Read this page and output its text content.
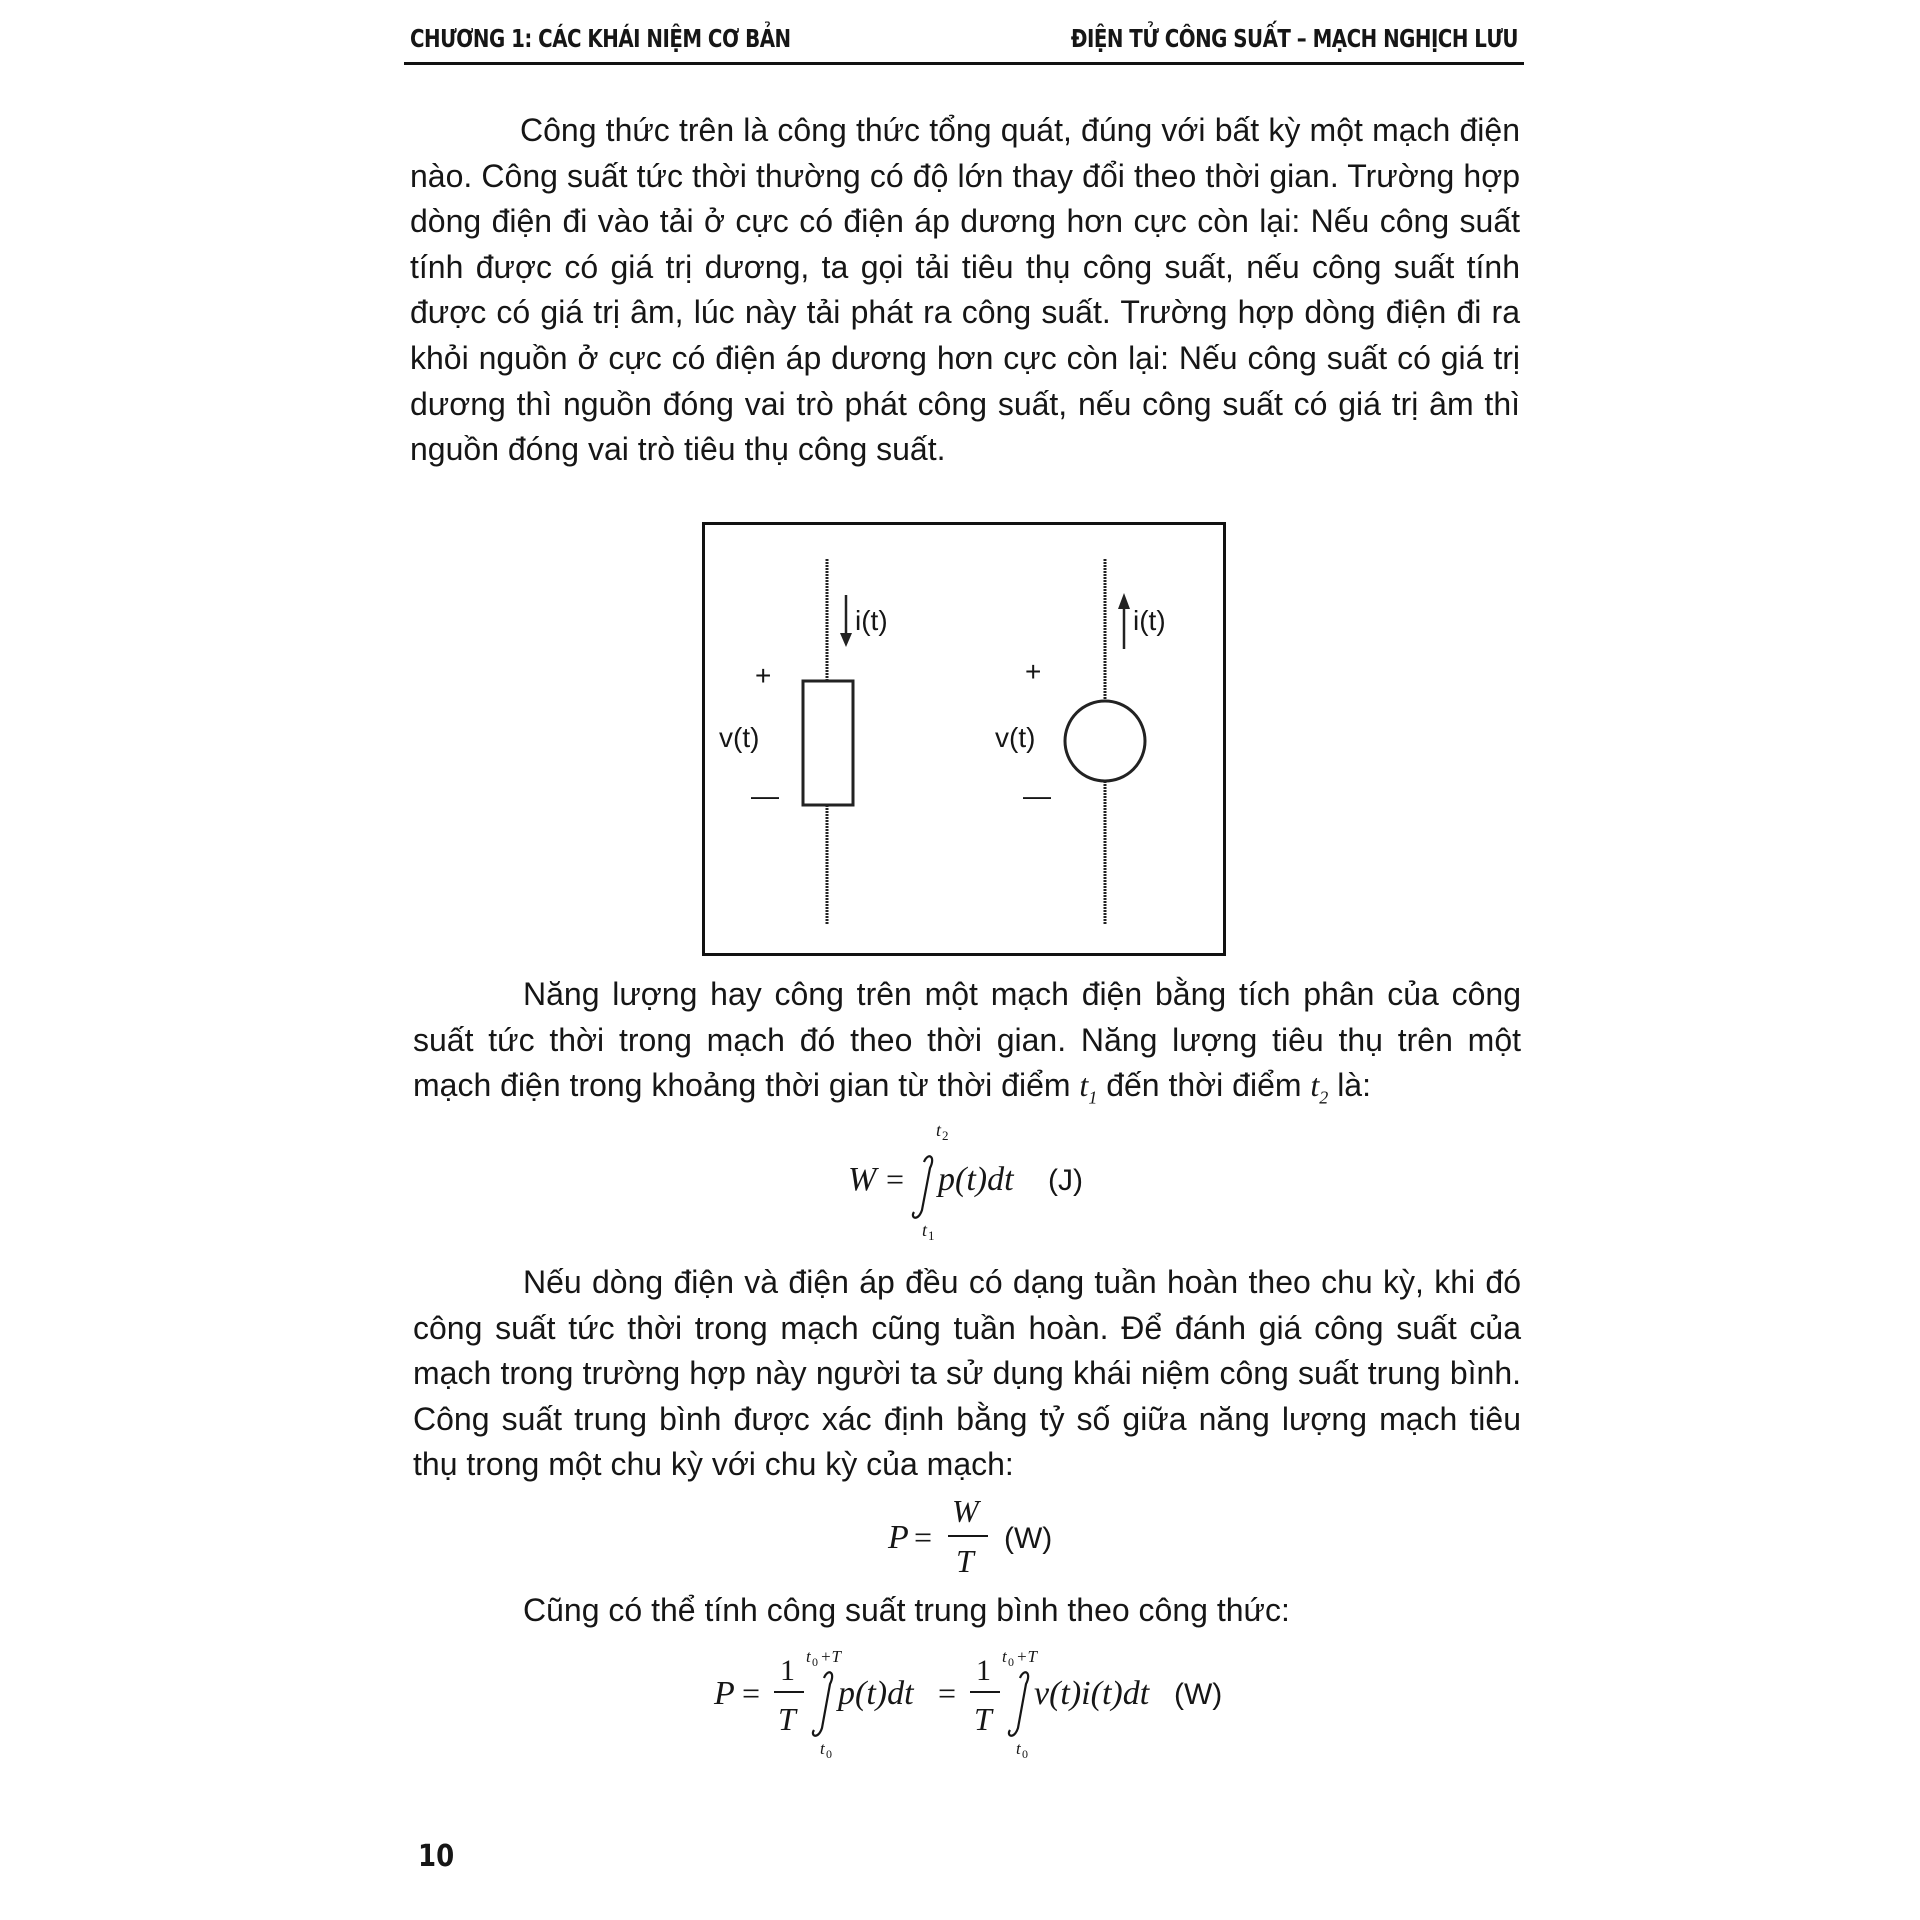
CHƯƠNG 1: CÁC KHÁI NIỆM CƠ BẢN	ĐIỆN TỬ CÔNG SUẤT – MẠCH NGHỊCH LƯU
Công thức trên là công thức tổng quát, đúng với bất kỳ một mạch điện nào. Công suất tức thời thường có độ lớn thay đổi theo thời gian. Trường hợp dòng điện đi vào tải ở cực có điện áp dương hơn cực còn lại: Nếu công suất tính được có giá trị dương, ta gọi tải tiêu thụ công suất, nếu công suất tính được có giá trị âm, lúc này tải phát ra công suất. Trường hợp dòng điện đi ra khỏi nguồn ở cực có điện áp dương hơn cực còn lại: Nếu công suất có giá trị dương thì nguồn đóng vai trò phát công suất, nếu công suất có giá trị âm thì nguồn đóng vai trò tiêu thụ công suất.
i(t)
+
v(t)
—
i(t)
+
v(t)
—
Năng lượng hay công trên một mạch điện bằng tích phân của công suất tức thời trong mạch đó theo thời gian. Năng lượng tiêu thụ trên một mạch điện trong khoảng thời gian từ thời điểm $t_1$ đến thời điểm $t_2$ là:
W =
t 2
t 1
p(t)dt (J)
Nếu dòng điện và điện áp đều có dạng tuần hoàn theo chu kỳ, khi đó công suất tức thời trong mạch cũng tuần hoàn. Để đánh giá công suất của mạch trong trường hợp này người ta sử dụng khái niệm công suất trung bình. Công suất trung bình được xác định bằng tỷ số giữa năng lượng mạch tiêu thụ trong một chu kỳ với chu kỳ của mạch:
P =
W
T
(W)
Cũng có thể tính công suất trung bình theo công thức:
P =
1
T
t 0 +T
t 0
p(t)dt =
1
T
t 0 +T
t 0
v(t)i(t)dt (W)
10
